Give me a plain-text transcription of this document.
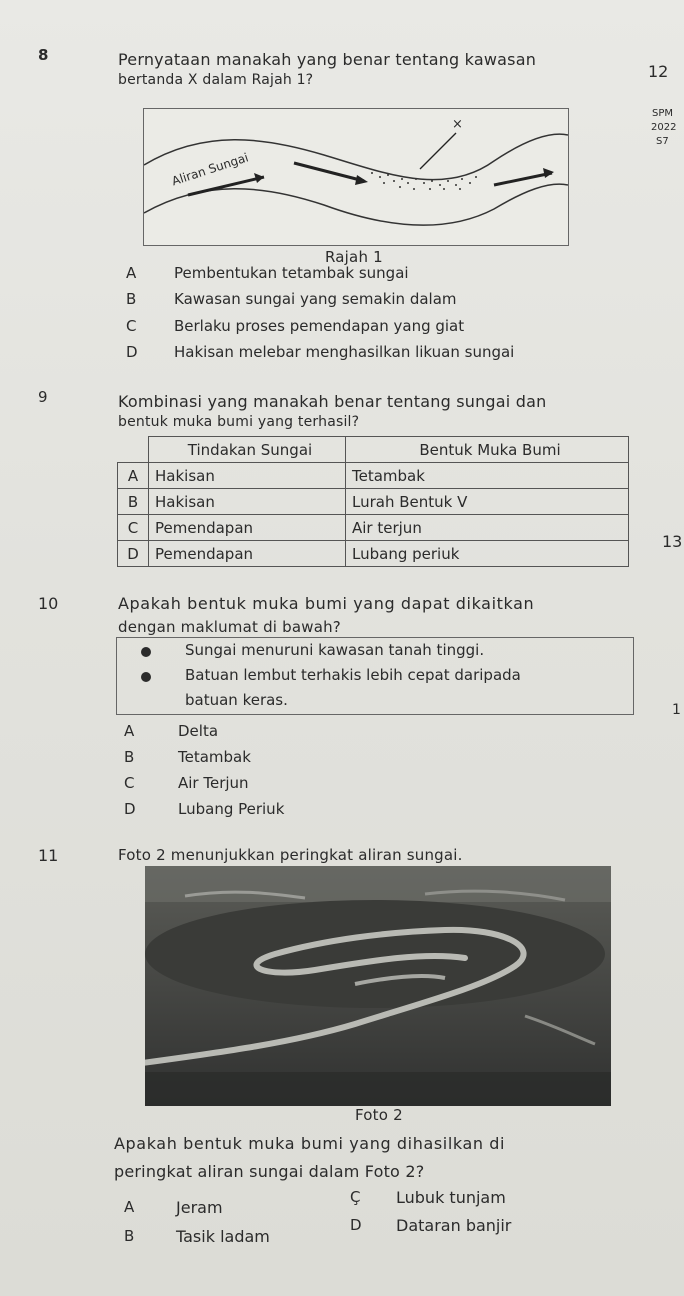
8	Pernyataan manakah yang benar tentang kawasan
bertanda X dalam Rajah 1?	12
SPM
2022
S7
×
Aliran Sungai
Rajah 1
A	Pembentukan tetambak sungai
B	Kawasan sungai yang semakin dalam
C	Berlaku proses pemendapan yang giat
D Hakisan melebar menghasilkan likuan sungai
9	Kombinasi yang manakah benar tentang sungai dan
bentuk muka bumi yang terhasil?
	Tindakan Sungai	Bentuk Muka Bumi
A	Hakisan	Tetambak
B	Hakisan	Lurah Bentuk V
C	Pemendapan	Air terjun
D	Pemendapan	Lubang periuk
13
10	Apakah bentuk muka bumi yang dapat dikaitkan
dengan maklumat di bawah?
Sungai menuruni kawasan tanah tinggi.
Batuan lembut terhakis lebih cepat daripada
batuan keras.
1
A	Delta
B	Tetambak
C	Air Terjun
D	Lubang Periuk
11	Foto 2 menunjukkan peringkat aliran sungai.
Foto 2
Apakah bentuk muka bumi yang dihasilkan di
peringkat aliran sungai dalam Foto 2?
A	Jeram
Ç Lubuk tunjam
B	Tasik ladam
D Dataran banjir
